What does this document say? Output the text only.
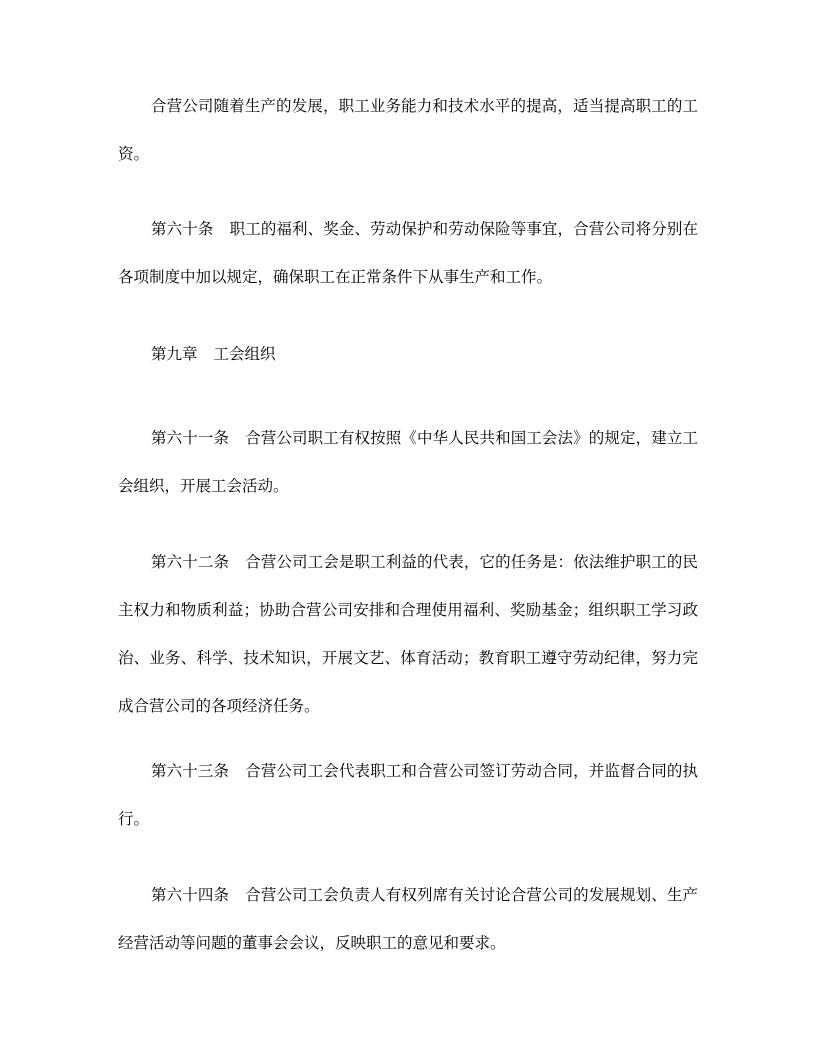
合营公司随着生产的发展，职工业务能力和技术水平的提高，适当提高职工的工资。

第六十条 职工的福利、奖金、劳动保护和劳动保险等事宜，合营公司将分别在各项制度中加以规定，确保职工在正常条件下从事生产和工作。

第九章 工会组织

第六十一条 合营公司职工有权按照《中华人民共和国工会法》的规定，建立工会组织，开展工会活动。

第六十二条 合营公司工会是职工利益的代表，它的任务是：依法维护职工的民主权力和物质利益；协助合营公司安排和合理使用福利、奖励基金；组织职工学习政治、业务、科学、技术知识，开展文艺、体育活动；教育职工遵守劳动纪律，努力完成合营公司的各项经济任务。

第六十三条 合营公司工会代表职工和合营公司签订劳动合同，并监督合同的执行。

第六十四条 合营公司工会负责人有权列席有关讨论合营公司的发展规划、生产经营活动等问题的董事会会议，反映职工的意见和要求。
